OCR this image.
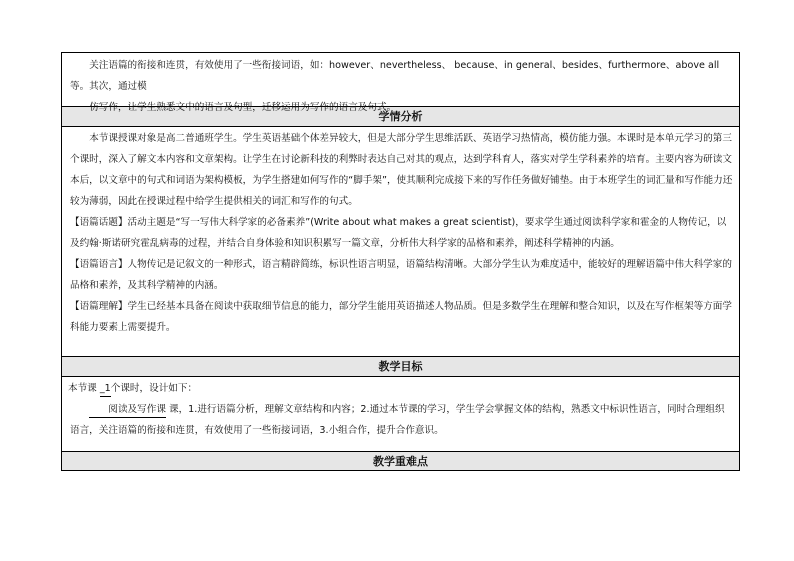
关注语篇的衔接和连贯，有效使用了一些衔接词语，如：however、nevertheless、 because、in general、besides、furthermore、above all 等。其次，通过模

仿写作，让学生熟悉文中的语言及句型，迁移运用为写作的语言及句式。

学情分析

本节课授课对象是高二普通班学生。学生英语基础个体差异较大，但是大部分学生思维活跃、英语学习热情高，模仿能力强。本课时是本单元学习的第三个课时，深入了解文本内容和文章架构。让学生在讨论新科技的利弊时表达自己对其的观点，达到学科育人，落实对学生学科素养的培育。主要内容为研读文本后，以文章中的句式和词语为架构模板，为学生搭建如何写作的“脚手架”，使其顺利完成接下来的写作任务做好铺垫。由于本班学生的词汇量和写作能力还较为薄弱，因此在授课过程中给学生提供相关的词汇和写作的句式。

【语篇话题】活动主题是“写一写伟大科学家的必备素养”(Write about what makes a great scientist)，要求学生通过阅读科学家和霍金的人物传记，以及约翰·斯诺研究霍乱病毒的过程，并结合自身体验和知识积累写一篇文章，分析伟大科学家的品格和素养，阐述科学精神的内涵。

【语篇语言】人物传记是记叙文的一种形式，语言精辟简练，标识性语言明显，语篇结构清晰。大部分学生认为难度适中，能较好的理解语篇中伟大科学家的品格和素养，及其科学精神的内涵。

【语篇理解】学生已经基本具备在阅读中获取细节信息的能力，部分学生能用英语描述人物品质。但是多数学生在理解和整合知识，以及在写作框架等方面学科能力要素上需要提升。

教学目标

本节课 _1个课时，设计如下：

阅读及写作课 课，1.进行语篇分析，理解文章结构和内容；2.通过本节课的学习，学生学会掌握文体的结构，熟悉文中标识性语言，同时合理组织语言，关注语篇的衔接和连贯，有效使用了一些衔接词语，3.小组合作，提升合作意识。

教学重难点
